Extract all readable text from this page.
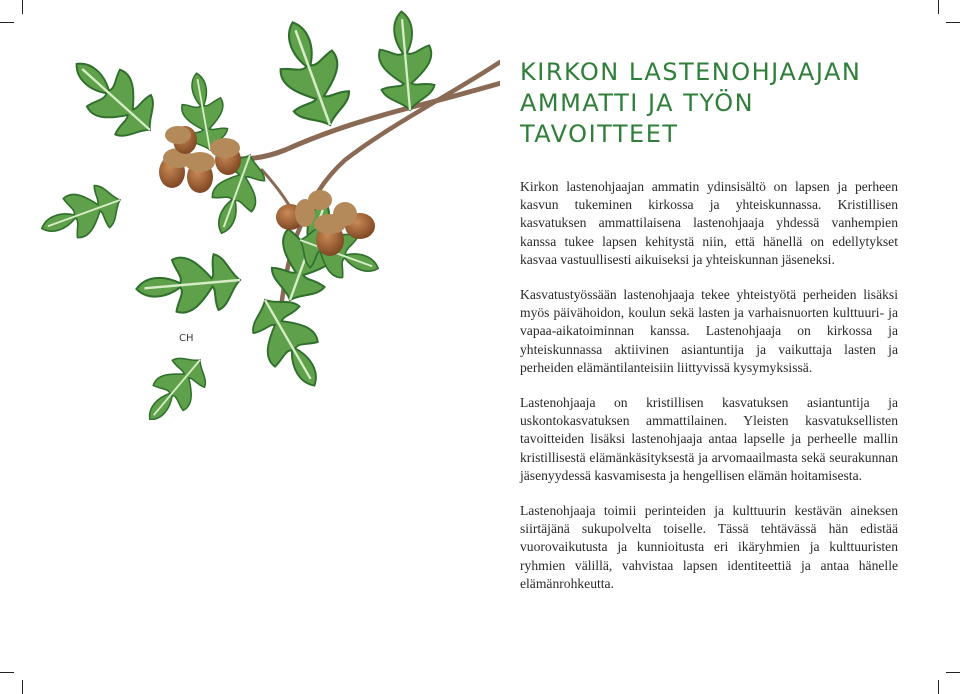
CH
KIRKON LASTENOHJAAJAN
AMMATTI JA TYÖN
TAVOITTEET

Kirkon lastenohjaajan ammatin ydinsisältö on lapsen ja perheen kasvun tukeminen kirkossa ja yhteiskunnassa. Kristillisen kasvatuksen ammattilaisena lastenohjaaja yhdessä vanhempien kanssa tukee lapsen kehitystä niin, että hänellä on edellytykset kasvaa vastuullisesti aikuiseksi ja yhteiskunnan jäseneksi.

Kasvatustyössään lastenohjaaja tekee yhteistyötä perheiden lisäksi myös päivähoidon, koulun sekä lasten ja varhaisnuorten kulttuuri- ja vapaa-aikatoiminnan kanssa. Lastenohjaaja on kirkossa ja yhteiskunnassa aktiivinen asiantuntija ja vaikuttaja lasten ja perheiden elämäntilanteisiin liittyvissä kysymyksissä.

Lastenohjaaja on kristillisen kasvatuksen asiantuntija ja uskontokasvatuksen ammattilainen. Yleisten kasvatuksellisten tavoitteiden lisäksi lastenohjaaja antaa lapselle ja perheelle mallin kristillisestä elämänkäsityksestä ja arvomaailmasta sekä seurakunnan jäsenyydessä kasvamisesta ja hengellisen elämän hoitamisesta.

Lastenohjaaja toimii perinteiden ja kulttuurin kestävän aineksen siirtäjänä sukupolvelta toiselle. Tässä tehtävässä hän edistää vuorovaikutusta ja kunnioitusta eri ikäryhmien ja kulttuuristen ryhmien välillä, vahvistaa lapsen identiteettiä ja antaa hänelle elämänrohkeutta.
